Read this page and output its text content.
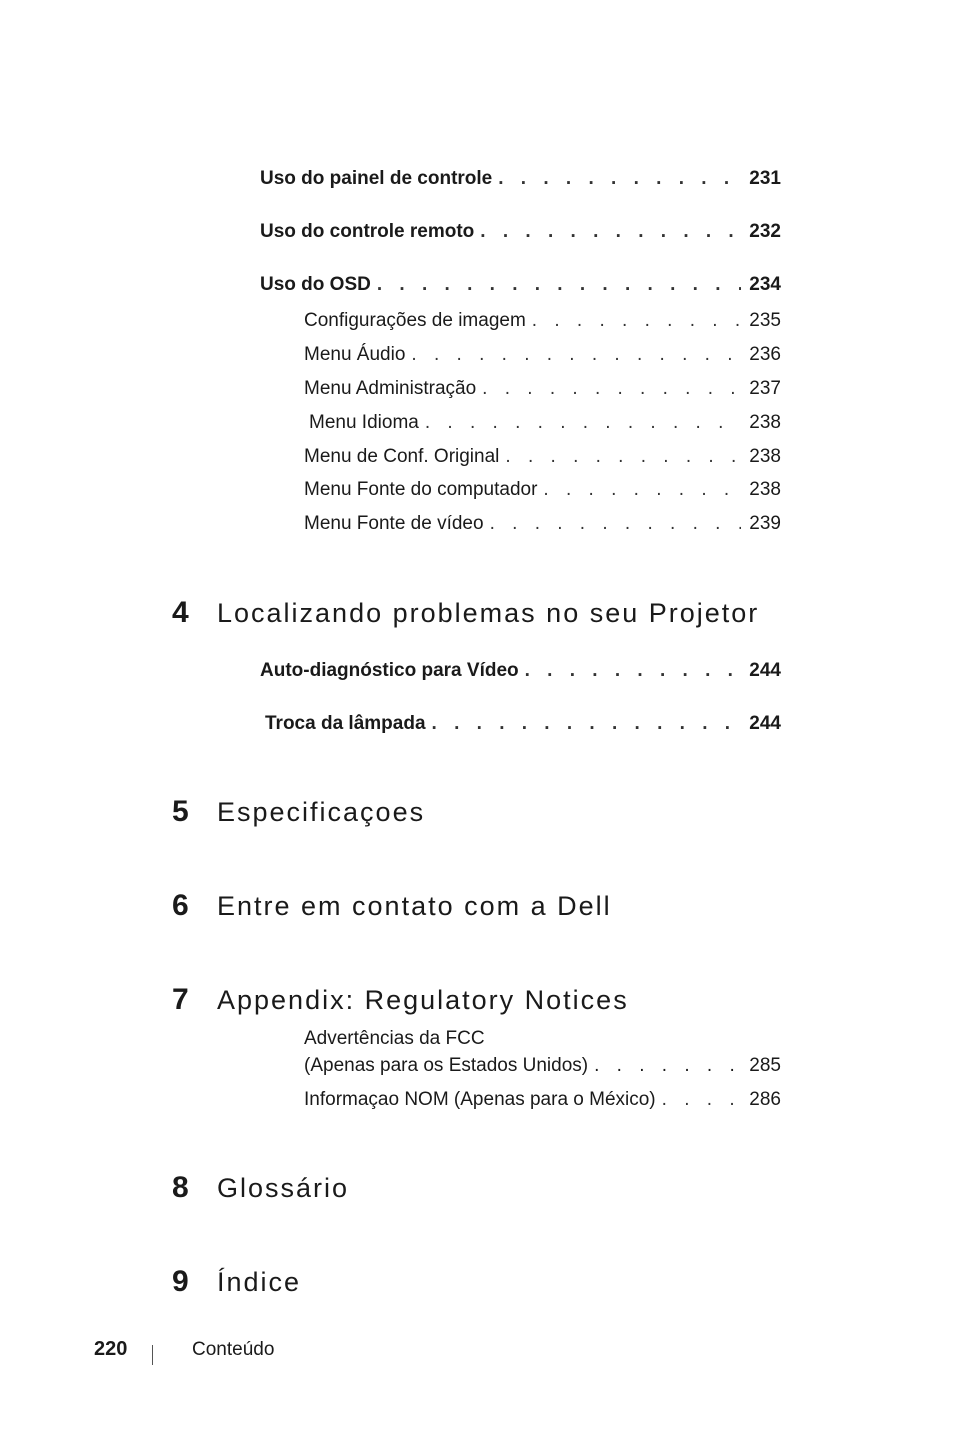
Uso do painel de controle . . .	231
Uso do controle remoto . . .	232
Uso do OSD . . .	234
Configurações de imagem . . .	235
Menu Áudio . . .	236
Menu Administração . . .	237
Menu Idioma . . .	238
Menu de Conf. Original . . .	238
Menu Fonte do computador . . .	238
Menu Fonte de vídeo . . .	239
4	Localizando problemas no seu Projetor
Auto-diagnóstico para Vídeo . . .	244
Troca da lâmpada . . .	244
5	Especificaçoes
6	Entre em contato com a Dell
7	Appendix: Regulatory Notices
Advertências da FCC
(Apenas para os Estados Unidos) . . .	285
Informaçao NOM (Apenas para o México) . . .	286
8	Glossário
9	Índice
220	Conteúdo
